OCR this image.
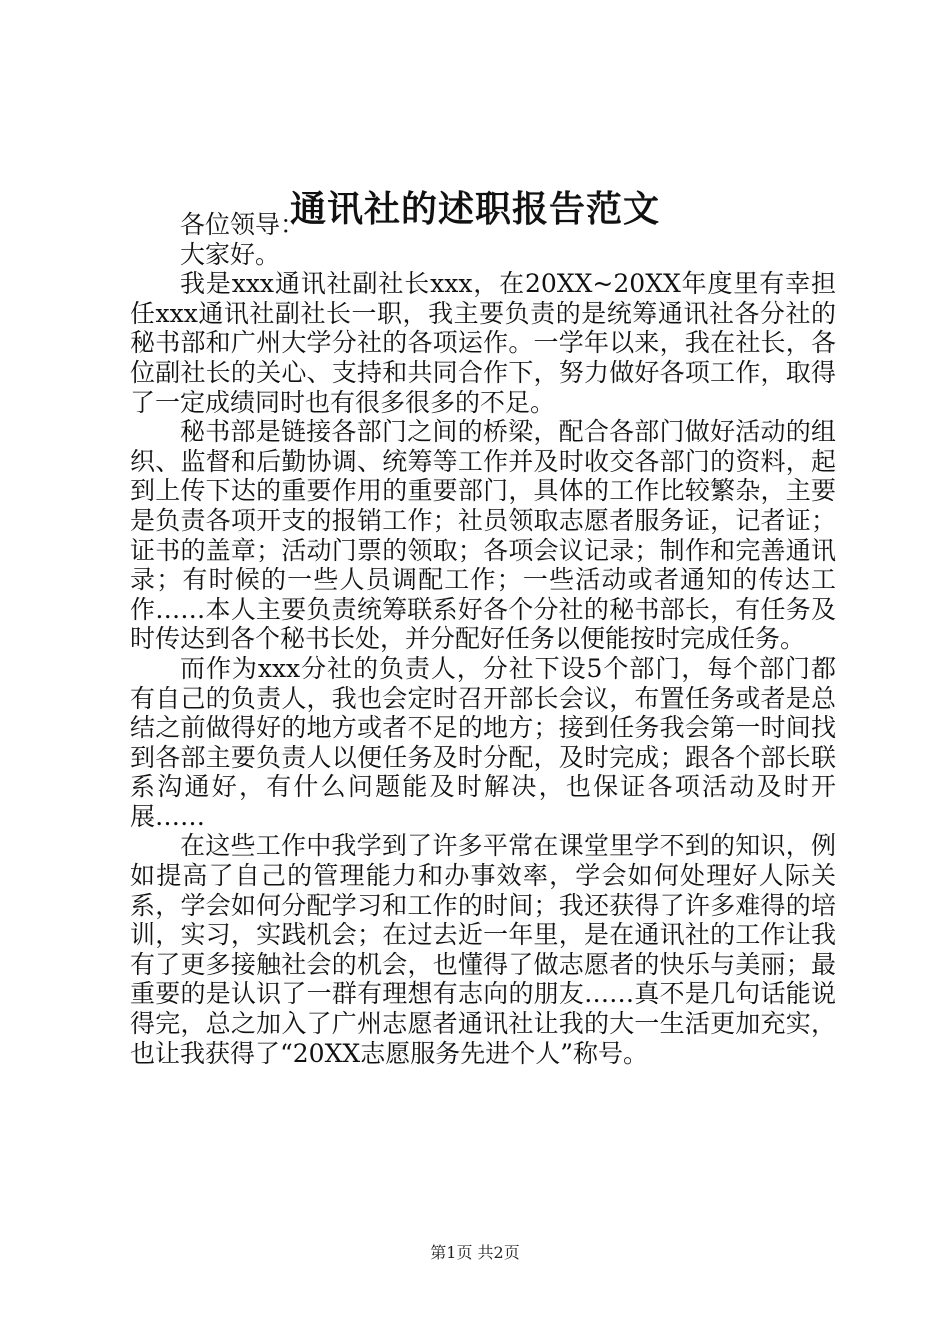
通讯社的述职报告范文

各位领导：

大家好。

我是xxx通讯社副社长xxx，在20XX~20XX年度里有幸担任xxx通讯社副社长一职，我主要负责的是统筹通讯社各分社的秘书部和广州大学分社的各项运作。一学年以来，我在社长，各位副社长的关心、支持和共同合作下，努力做好各项工作，取得了一定成绩同时也有很多很多的不足。

秘书部是链接各部门之间的桥梁，配合各部门做好活动的组织、监督和后勤协调、统筹等工作并及时收交各部门的资料，起到上传下达的重要作用的重要部门，具体的工作比较繁杂，主要是负责各项开支的报销工作；社员领取志愿者服务证，记者证；证书的盖章；活动门票的领取；各项会议记录；制作和完善通讯录；有时候的一些人员调配工作；一些活动或者通知的传达工作……本人主要负责统筹联系好各个分社的秘书部长，有任务及时传达到各个秘书长处，并分配好任务以便能按时完成任务。

而作为xxx分社的负责人，分社下设5个部门，每个部门都有自己的负责人，我也会定时召开部长会议，布置任务或者是总结之前做得好的地方或者不足的地方；接到任务我会第一时间找到各部主要负责人以便任务及时分配，及时完成；跟各个部长联系沟通好，有什么问题能及时解决，也保证各项活动及时开展……

在这些工作中我学到了许多平常在课堂里学不到的知识，例如提高了自己的管理能力和办事效率，学会如何处理好人际关系，学会如何分配学习和工作的时间；我还获得了许多难得的培训，实习，实践机会；在过去近一年里，是在通讯社的工作让我有了更多接触社会的机会，也懂得了做志愿者的快乐与美丽；最重要的是认识了一群有理想有志向的朋友……真不是几句话能说得完，总之加入了广州志愿者通讯社让我的大一生活更加充实，也让我获得了“20XX志愿服务先进个人”称号。

第1页 共2页
